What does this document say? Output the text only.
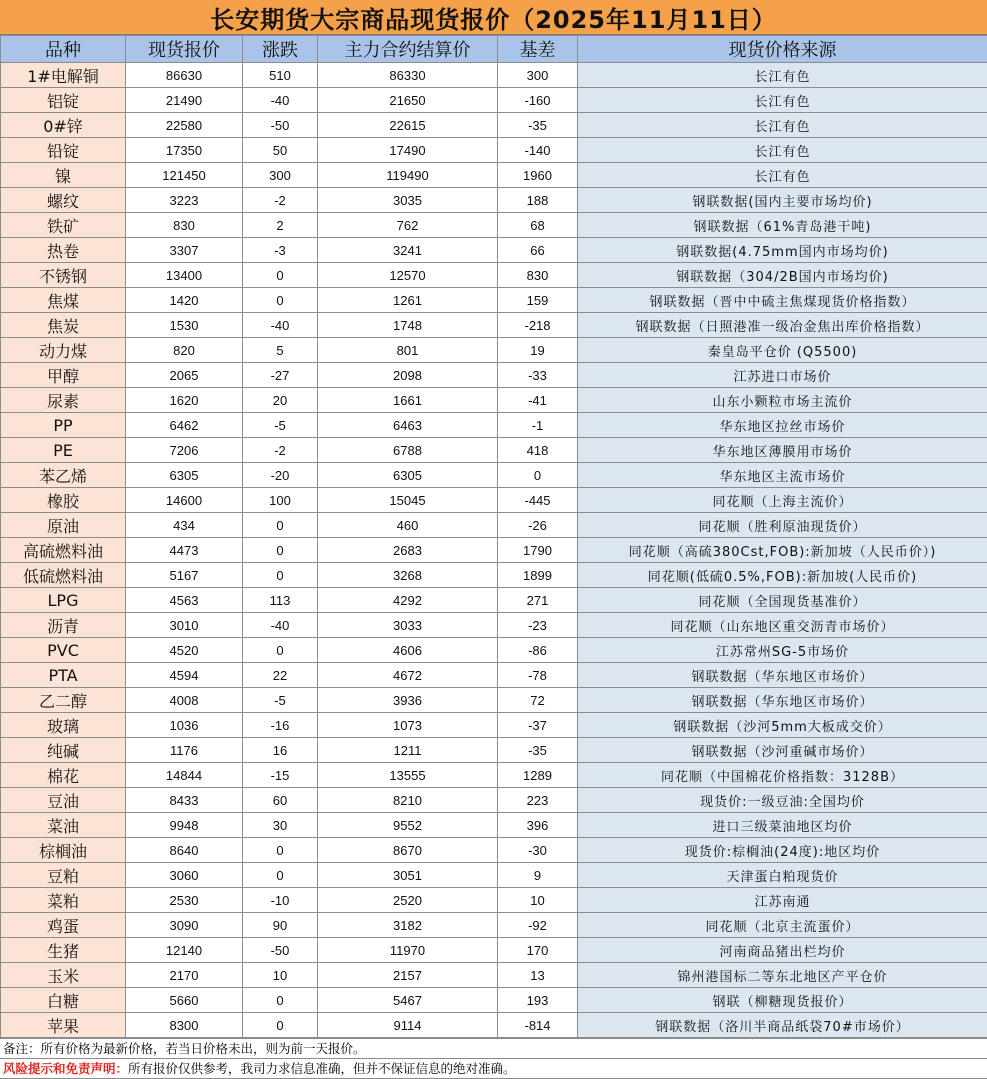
长安期货大宗商品现货报价（2025年11月11日）
品种	现货报价	涨跌	主力合约结算价	基差	现货价格来源
1#电解铜	86630	510	86330	300	长江有色
铝锭	21490	-40	21650	-160	长江有色
0#锌	22580	-50	22615	-35	长江有色
铅锭	17350	50	17490	-140	长江有色
镍	121450	300	119490	1960	长江有色
螺纹	3223	-2	3035	188	钢联数据(国内主要市场均价)
铁矿	830	2	762	68	钢联数据（61%青岛港干吨)
热卷	3307	-3	3241	66	钢联数据(4.75mm国内市场均价)
不锈钢	13400	0	12570	830	钢联数据（304/2B国内市场均价)
焦煤	1420	0	1261	159	钢联数据（晋中中硫主焦煤现货价格指数）
焦炭	1530	-40	1748	-218	钢联数据（日照港准一级冶金焦出库价格指数）
动力煤	820	5	801	19	秦皇岛平仓价 (Q5500)
甲醇	2065	-27	2098	-33	江苏进口市场价
尿素	1620	20	1661	-41	山东小颗粒市场主流价
PP	6462	-5	6463	-1	华东地区拉丝市场价
PE	7206	-2	6788	418	华东地区薄膜用市场价
苯乙烯	6305	-20	6305	0	华东地区主流市场价
橡胶	14600	100	15045	-445	同花顺（上海主流价）
原油	434	0	460	-26	同花顺（胜利原油现货价）
高硫燃料油	4473	0	2683	1790	同花顺（高硫380Cst,FOB):新加坡（人民币价）)
低硫燃料油	5167	0	3268	1899	同花顺(低硫0.5%,FOB):新加坡(人民币价)
LPG	4563	113	4292	271	同花顺（全国现货基准价）
沥青	3010	-40	3033	-23	同花顺（山东地区重交沥青市场价）
PVC	4520	0	4606	-86	江苏常州SG-5市场价
PTA	4594	22	4672	-78	钢联数据（华东地区市场价）
乙二醇	4008	-5	3936	72	钢联数据（华东地区市场价）
玻璃	1036	-16	1073	-37	钢联数据（沙河5mm大板成交价）
纯碱	1176	16	1211	-35	钢联数据（沙河重碱市场价）
棉花	14844	-15	13555	1289	同花顺（中国棉花价格指数：3128B）
豆油	8433	60	8210	223	现货价:一级豆油:全国均价
菜油	9948	30	9552	396	进口三级菜油地区均价
棕榈油	8640	0	8670	-30	现货价:棕榈油(24度):地区均价
豆粕	3060	0	3051	9	天津蛋白粕现货价
菜粕	2530	-10	2520	10	江苏南通
鸡蛋	3090	90	3182	-92	同花顺（北京主流蛋价）
生猪	12140	-50	11970	170	河南商品猪出栏均价
玉米	2170	10	2157	13	锦州港国标二等东北地区产平仓价
白糖	5660	0	5467	193	钢联（柳糖现货报价）
苹果	8300	0	9114	-814	钢联数据（洛川半商品纸袋70#市场价）
备注：所有价格为最新价格，若当日价格未出，则为前一天报价。
风险提示和免责声明：所有报价仅供参考，我司力求信息准确，但并不保证信息的绝对准确。
